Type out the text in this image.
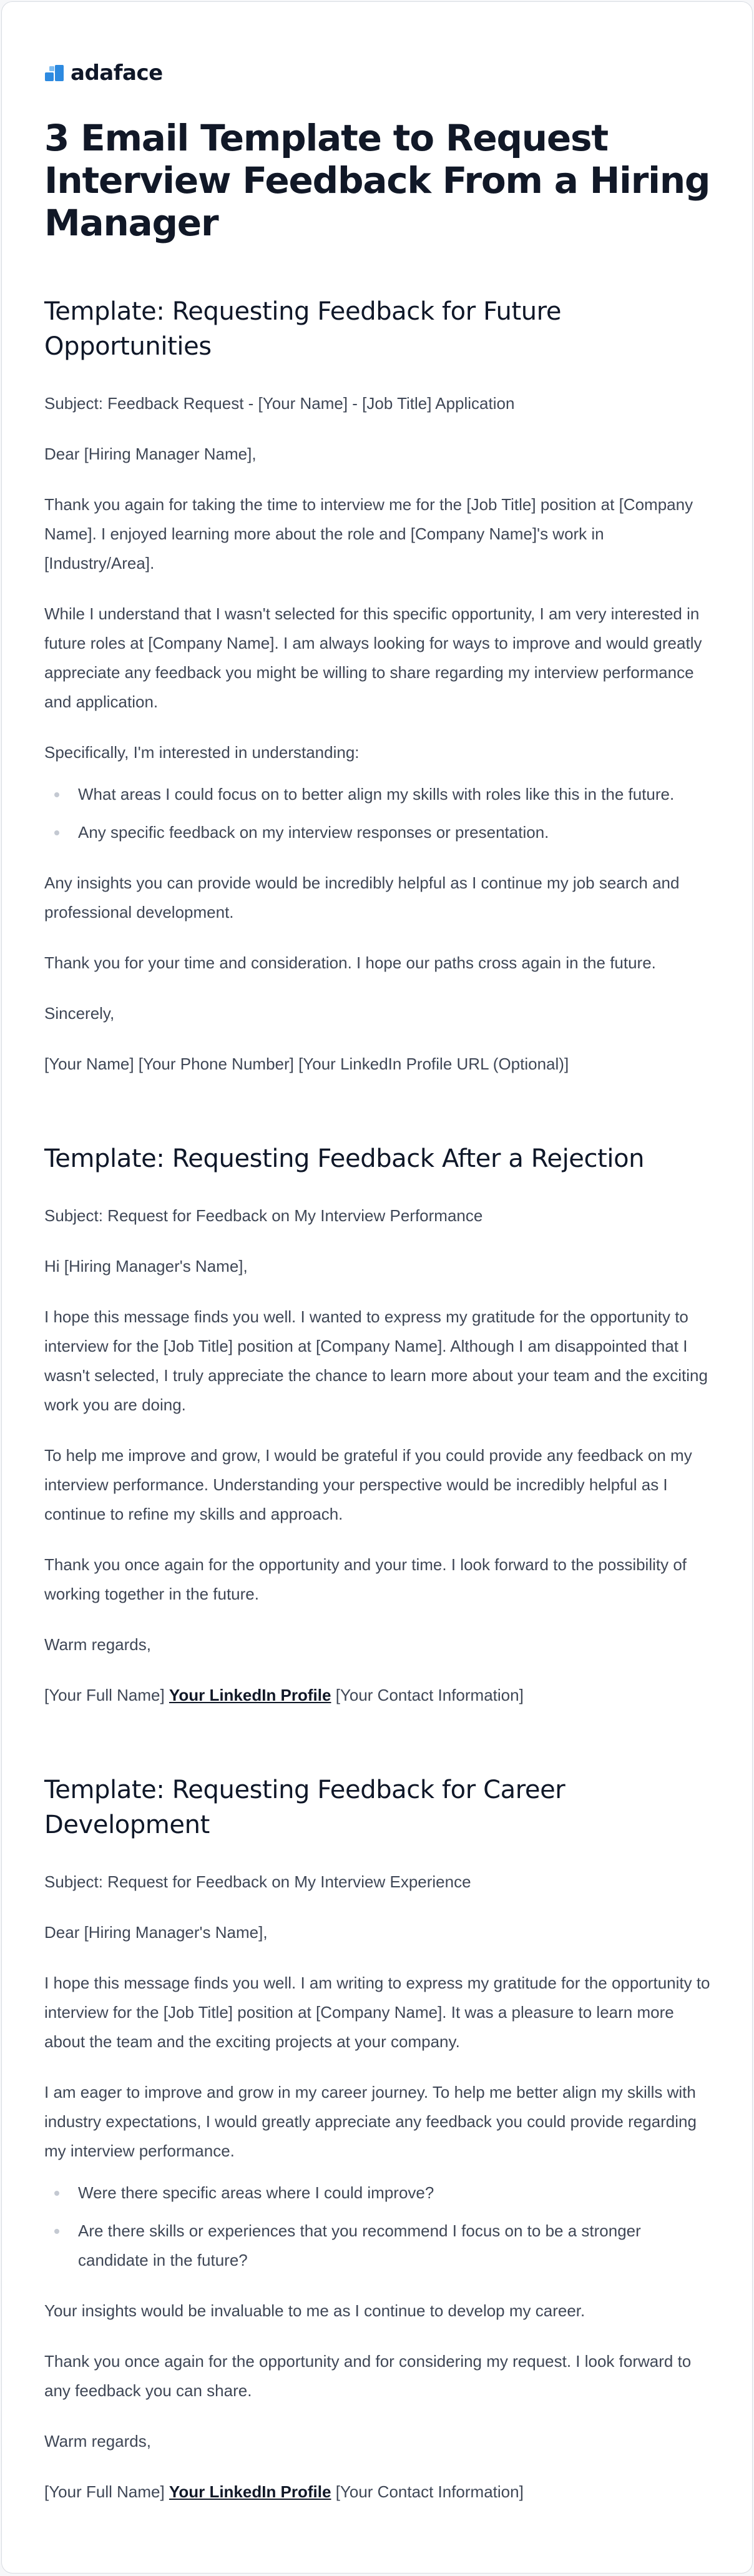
adaface
3 Email Template to Request Interview Feedback From a Hiring Manager
Template: Requesting Feedback for Future Opportunities

Subject: Feedback Request - [Your Name] - [Job Title] Application

Dear [Hiring Manager Name],

Thank you again for taking the time to interview me for the [Job Title] position at [Company Name]. I enjoyed learning more about the role and [Company Name]'s work in [Industry/Area].

While I understand that I wasn't selected for this specific opportunity, I am very interested in future roles at [Company Name]. I am always looking for ways to improve and would greatly appreciate any feedback you might be willing to share regarding my interview performance and application.

Specifically, I'm interested in understanding:

What areas I could focus on to better align my skills with roles like this in the future.
Any specific feedback on my interview responses or presentation.

Any insights you can provide would be incredibly helpful as I continue my job search and professional development.

Thank you for your time and consideration. I hope our paths cross again in the future.

Sincerely,

[Your Name] [Your Phone Number] [Your LinkedIn Profile URL (Optional)]

Template: Requesting Feedback After a Rejection

Subject: Request for Feedback on My Interview Performance

Hi [Hiring Manager's Name],

I hope this message finds you well. I wanted to express my gratitude for the opportunity to interview for the [Job Title] position at [Company Name]. Although I am disappointed that I wasn't selected, I truly appreciate the chance to learn more about your team and the exciting work you are doing.

To help me improve and grow, I would be grateful if you could provide any feedback on my interview performance. Understanding your perspective would be incredibly helpful as I continue to refine my skills and approach.

Thank you once again for the opportunity and your time. I look forward to the possibility of working together in the future.

Warm regards,

[Your Full Name] Your LinkedIn Profile [Your Contact Information]

Template: Requesting Feedback for Career Development

Subject: Request for Feedback on My Interview Experience

Dear [Hiring Manager's Name],

I hope this message finds you well. I am writing to express my gratitude for the opportunity to interview for the [Job Title] position at [Company Name]. It was a pleasure to learn more about the team and the exciting projects at your company.

I am eager to improve and grow in my career journey. To help me better align my skills with industry expectations, I would greatly appreciate any feedback you could provide regarding my interview performance.

Were there specific areas where I could improve?
Are there skills or experiences that you recommend I focus on to be a stronger candidate in the future?

Your insights would be invaluable to me as I continue to develop my career.

Thank you once again for the opportunity and for considering my request. I look forward to any feedback you can share.

Warm regards,

[Your Full Name] Your LinkedIn Profile [Your Contact Information]
